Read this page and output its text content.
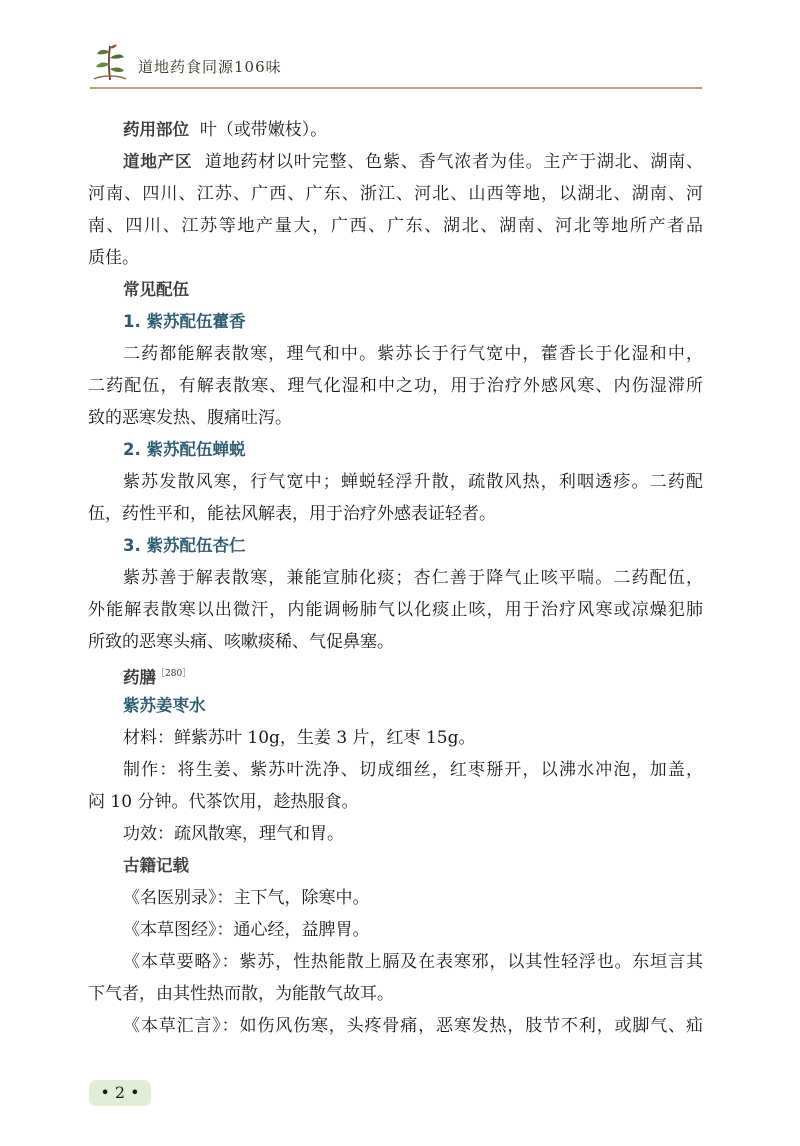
道地药食同源106味
药用部位 叶（或带嫩枝）。
道地产区 道地药材以叶完整、色紫、香气浓者为佳。主产于湖北、湖南、
河南、四川、江苏、广西、广东、浙江、河北、山西等地，以湖北、湖南、河
南、四川、江苏等地产量大，广西、广东、湖北、湖南、河北等地所产者品
质佳。
常见配伍
1. 紫苏配伍藿香
二药都能解表散寒，理气和中。紫苏长于行气宽中，藿香长于化湿和中，
二药配伍，有解表散寒、理气化湿和中之功，用于治疗外感风寒、内伤湿滞所
致的恶寒发热、腹痛吐泻。
2. 紫苏配伍蝉蜕
紫苏发散风寒，行气宽中；蝉蜕轻浮升散，疏散风热，利咽透疹。二药配
伍，药性平和，能祛风解表，用于治疗外感表证轻者。
3. 紫苏配伍杏仁
紫苏善于解表散寒，兼能宣肺化痰；杏仁善于降气止咳平喘。二药配伍，
外能解表散寒以出微汗，内能调畅肺气以化痰止咳，用于治疗风寒或凉燥犯肺
所致的恶寒头痛、咳嗽痰稀、气促鼻塞。
药膳$^{[280]}$
紫苏姜枣水
材料：鲜紫苏叶 10g，生姜 3 片，红枣 15g。
制作：将生姜、紫苏叶洗净、切成细丝，红枣掰开，以沸水冲泡，加盖，
闷 10 分钟。代茶饮用，趁热服食。
功效：疏风散寒，理气和胃。
古籍记载
《名医别录》：主下气，除寒中。
《本草图经》：通心经，益脾胃。
《本草要略》：紫苏，性热能散上膈及在表寒邪，以其性轻浮也。东垣言其
下气者，由其性热而散，为能散气故耳。
《本草汇言》：如伤风伤寒，头疼骨痛，恶寒发热，肢节不利，或脚气、疝
• 2 •
